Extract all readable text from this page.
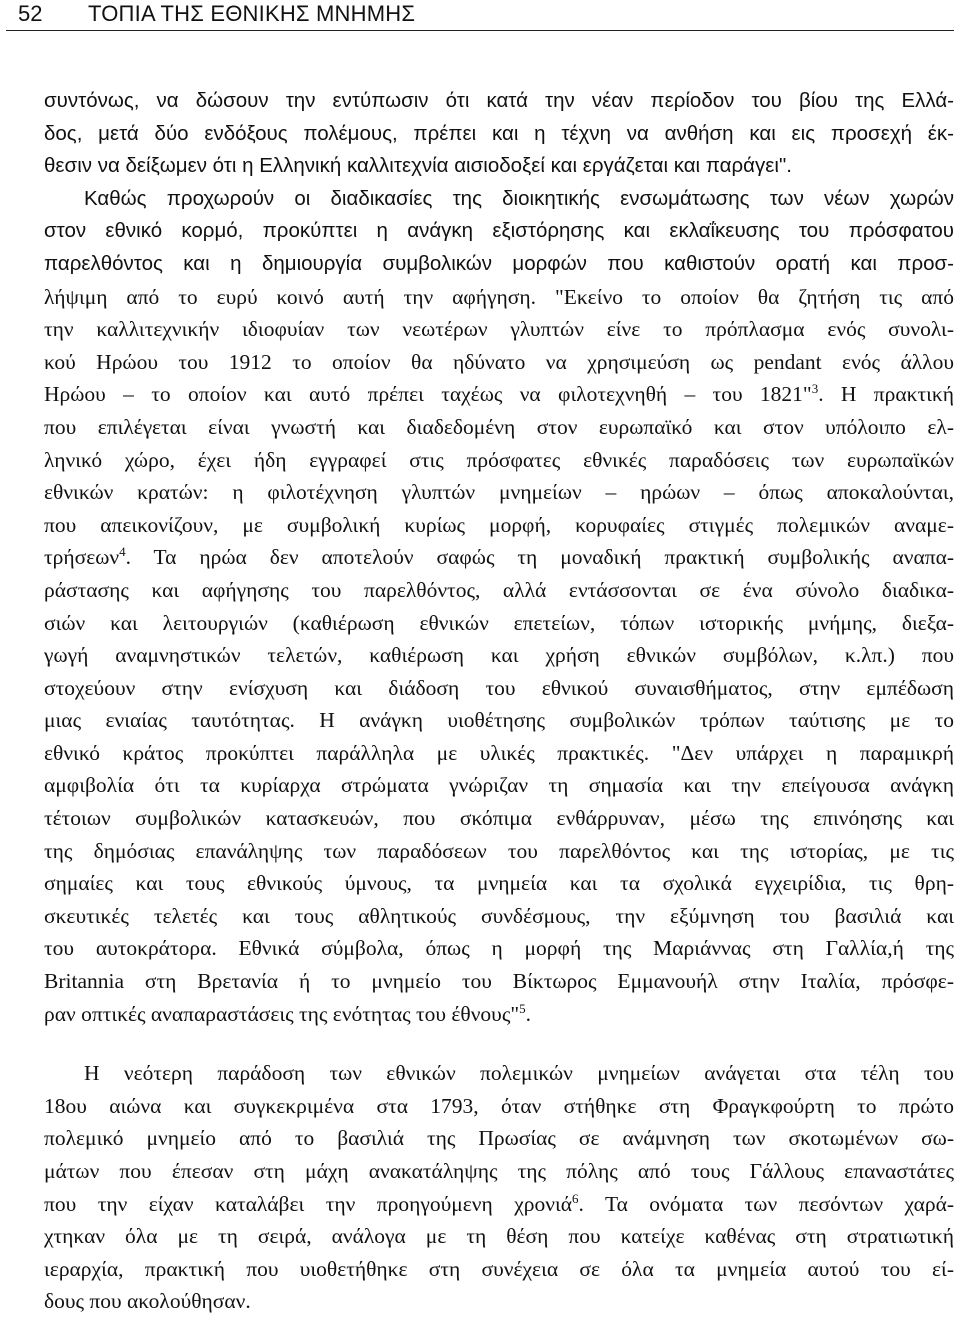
52 ΤΟΠΙΑ ΤΗΣ ΕΘΝΙΚΗΣ ΜΝΗΜΗΣ
συντόνως, να δώσουν την εντύπωσιν ότι κατά την νέαν περίοδον του βίου της Ελλά-
δος, μετά δύο ενδόξους πολέμους, πρέπει και η τέχνη να ανθήση και εις προσεχή έκ-
θεσιν να δείξωμεν ότι η Ελληνική καλλιτεχνία αισιοδοξεί και εργάζεται και παράγει".
Καθώς προχωρούν οι διαδικασίες της διοικητικής ενσωμάτωσης των νέων χωρών
στον εθνικό κορμό, προκύπτει η ανάγκη εξιστόρησης και εκλαΐκευσης του πρόσφατου
παρελθόντος και η δημιουργία συμβολικών μορφών που καθιστούν ορατή και προσ-
λήψιμη από το ευρύ κοινό αυτή την αφήγηση. "Εκείνο το οποίον θα ζητήση τις από
την καλλιτεχνικήν ιδιοφυίαν των νεωτέρων γλυπτών είνε το πρόπλασμα ενός συνολι-
κού Ηρώου του 1912 το οποίον θα ηδύνατο να χρησιμεύση ως pendant ενός άλλου
Ηρώου – το οποίον και αυτό πρέπει ταχέως να φιλοτεχνηθή – του 1821"$^3$. Η πρακτική
που επιλέγεται είναι γνωστή και διαδεδομένη στον ευρωπαϊκό και στον υπόλοιπο ελ-
ληνικό χώρο, έχει ήδη εγγραφεί στις πρόσφατες εθνικές παραδόσεις των ευρωπαϊκών
εθνικών κρατών: η φιλοτέχνηση γλυπτών μνημείων – ηρώων – όπως αποκαλούνται,
που απεικονίζουν, με συμβολική κυρίως μορφή, κορυφαίες στιγμές πολεμικών αναμε-
τρήσεων$^4$. Τα ηρώα δεν αποτελούν σαφώς τη μοναδική πρακτική συμβολικής αναπα-
ράστασης και αφήγησης του παρελθόντος, αλλά εντάσσονται σε ένα σύνολο διαδικα-
σιών και λειτουργιών (καθιέρωση εθνικών επετείων, τόπων ιστορικής μνήμης, διεξα-
γωγή αναμνηστικών τελετών, καθιέρωση και χρήση εθνικών συμβόλων, κ.λπ.) που
στοχεύουν στην ενίσχυση και διάδοση του εθνικού συναισθήματος, στην εμπέδωση
μιας ενιαίας ταυτότητας. Η ανάγκη υιοθέτησης συμβολικών τρόπων ταύτισης με το
εθνικό κράτος προκύπτει παράλληλα με υλικές πρακτικές. "Δεν υπάρχει η παραμικρή
αμφιβολία ότι τα κυρίαρχα στρώματα γνώριζαν τη σημασία και την επείγουσα ανάγκη
τέτοιων συμβολικών κατασκευών, που σκόπιμα ενθάρρυναν, μέσω της επινόησης και
της δημόσιας επανάληψης των παραδόσεων του παρελθόντος και της ιστορίας, με τις
σημαίες και τους εθνικούς ύμνους, τα μνημεία και τα σχολικά εγχειρίδια, τις θρη-
σκευτικές τελετές και τους αθλητικούς συνδέσμους, την εξύμνηση του βασιλιά και
του αυτοκράτορα. Εθνικά σύμβολα, όπως η μορφή της Μαριάννας στη Γαλλία,ή της
Britannia στη Βρετανία ή το μνημείο του Βίκτωρος Εμμανουήλ στην Ιταλία, πρόσφε-
ραν οπτικές αναπαραστάσεις της ενότητας του έθνους"$^5$.
Η νεότερη παράδοση των εθνικών πολεμικών μνημείων ανάγεται στα τέλη του
18ου αιώνα και συγκεκριμένα στα 1793, όταν στήθηκε στη Φραγκφούρτη το πρώτο
πολεμικό μνημείο από το βασιλιά της Πρωσίας σε ανάμνηση των σκοτωμένων σω-
μάτων που έπεσαν στη μάχη ανακατάληψης της πόλης από τους Γάλλους επαναστάτες
που την είχαν καταλάβει την προηγούμενη χρονιά$^6$. Τα ονόματα των πεσόντων χαρά-
χτηκαν όλα με τη σειρά, ανάλογα με τη θέση που κατείχε καθένας στη στρατιωτική
ιεραρχία, πρακτική που υιοθετήθηκε στη συνέχεια σε όλα τα μνημεία αυτού του εί-
δους που ακολούθησαν.
